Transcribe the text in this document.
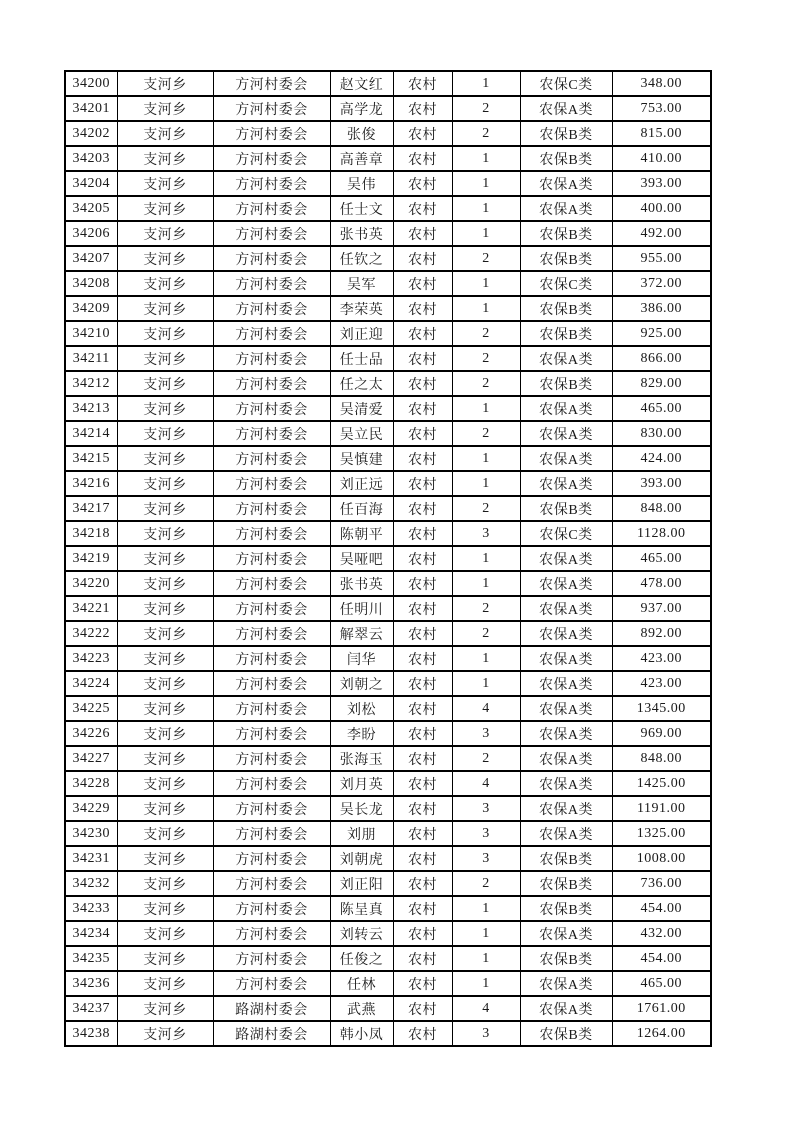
34200	支河乡	方河村委会	赵文红	农村	1	农保C类	348.00
34201	支河乡	方河村委会	高学龙	农村	2	农保A类	753.00
34202	支河乡	方河村委会	张俊	农村	2	农保B类	815.00
34203	支河乡	方河村委会	高善章	农村	1	农保B类	410.00
34204	支河乡	方河村委会	吴伟	农村	1	农保A类	393.00
34205	支河乡	方河村委会	任士文	农村	1	农保A类	400.00
34206	支河乡	方河村委会	张书英	农村	1	农保B类	492.00
34207	支河乡	方河村委会	任钦之	农村	2	农保B类	955.00
34208	支河乡	方河村委会	吴军	农村	1	农保C类	372.00
34209	支河乡	方河村委会	李荣英	农村	1	农保B类	386.00
34210	支河乡	方河村委会	刘正迎	农村	2	农保B类	925.00
34211	支河乡	方河村委会	任士品	农村	2	农保A类	866.00
34212	支河乡	方河村委会	任之太	农村	2	农保B类	829.00
34213	支河乡	方河村委会	吴清爱	农村	1	农保A类	465.00
34214	支河乡	方河村委会	吴立民	农村	2	农保A类	830.00
34215	支河乡	方河村委会	吴慎建	农村	1	农保A类	424.00
34216	支河乡	方河村委会	刘正远	农村	1	农保A类	393.00
34217	支河乡	方河村委会	任百海	农村	2	农保B类	848.00
34218	支河乡	方河村委会	陈朝平	农村	3	农保C类	1128.00
34219	支河乡	方河村委会	吴哑吧	农村	1	农保A类	465.00
34220	支河乡	方河村委会	张书英	农村	1	农保A类	478.00
34221	支河乡	方河村委会	任明川	农村	2	农保A类	937.00
34222	支河乡	方河村委会	解翠云	农村	2	农保A类	892.00
34223	支河乡	方河村委会	闫华	农村	1	农保A类	423.00
34224	支河乡	方河村委会	刘朝之	农村	1	农保A类	423.00
34225	支河乡	方河村委会	刘松	农村	4	农保A类	1345.00
34226	支河乡	方河村委会	李盼	农村	3	农保A类	969.00
34227	支河乡	方河村委会	张海玉	农村	2	农保A类	848.00
34228	支河乡	方河村委会	刘月英	农村	4	农保A类	1425.00
34229	支河乡	方河村委会	吴长龙	农村	3	农保A类	1191.00
34230	支河乡	方河村委会	刘朋	农村	3	农保A类	1325.00
34231	支河乡	方河村委会	刘朝虎	农村	3	农保B类	1008.00
34232	支河乡	方河村委会	刘正阳	农村	2	农保B类	736.00
34233	支河乡	方河村委会	陈呈真	农村	1	农保B类	454.00
34234	支河乡	方河村委会	刘转云	农村	1	农保A类	432.00
34235	支河乡	方河村委会	任俊之	农村	1	农保B类	454.00
34236	支河乡	方河村委会	任林	农村	1	农保A类	465.00
34237	支河乡	路湖村委会	武燕	农村	4	农保A类	1761.00
34238	支河乡	路湖村委会	韩小凤	农村	3	农保B类	1264.00
